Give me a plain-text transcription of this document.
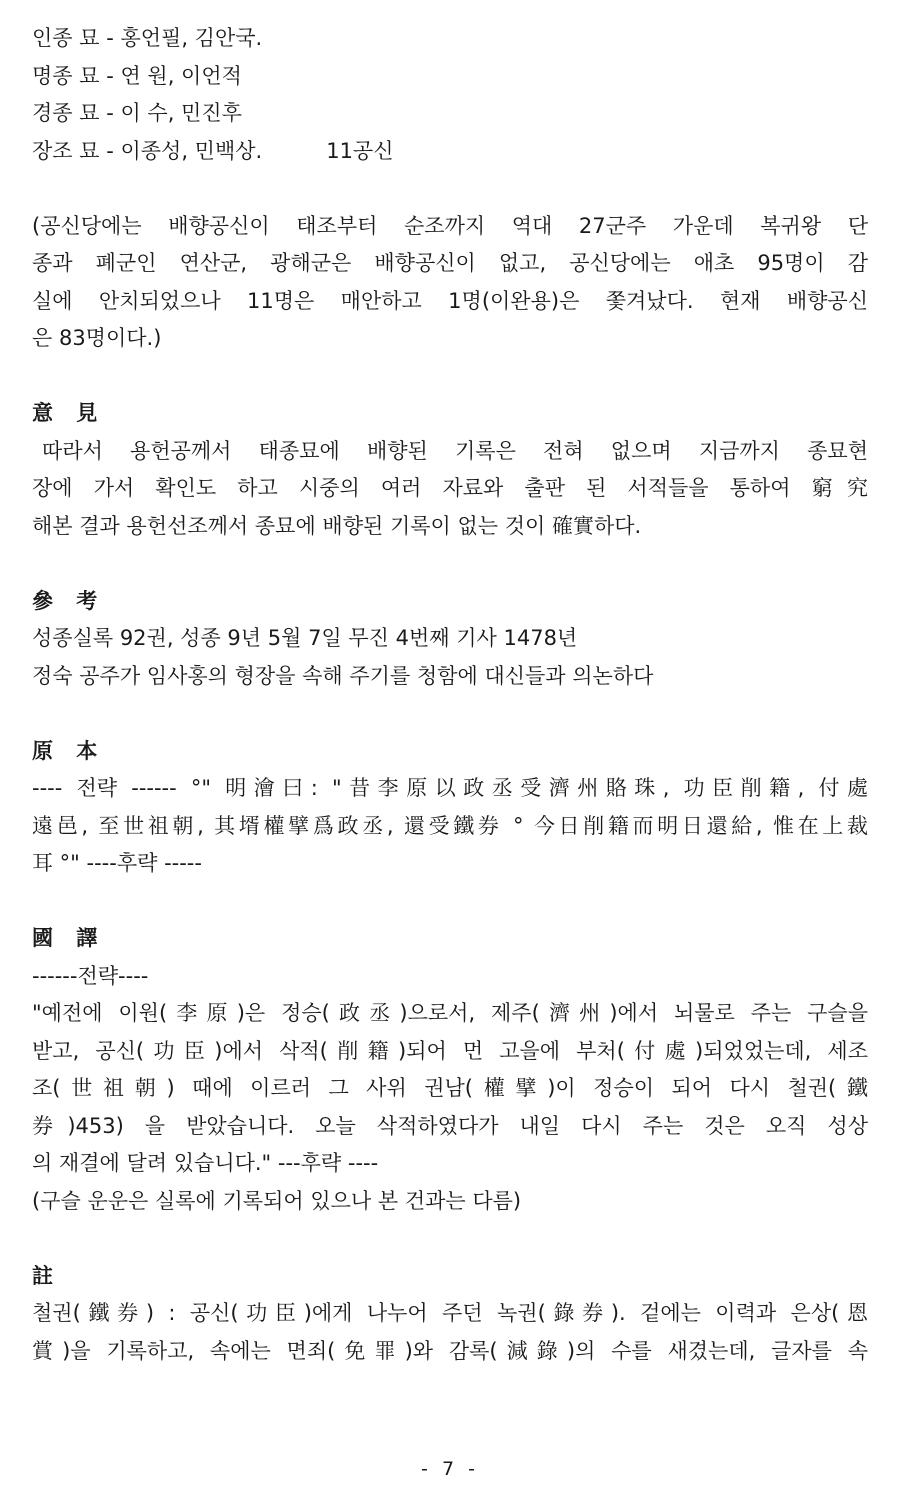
인종 묘 - 홍언필, 김안국.
명종 묘 - 연 원, 이언적
경종 묘 - 이 수, 민진후
장조 묘 - 이종성, 민백상.	11공신
(공신당에는 배향공신이 태조부터 순조까지 역대 27군주 가운데 복귀왕 단
종과 폐군인 연산군, 광해군은 배향공신이 없고, 공신당에는 애초 95명이 감
실에 안치되었으나 11명은 매안하고 1명(이완용)은 쫓겨났다. 현재 배향공신
은 83명이다.)
意 見
따라서 용헌공께서 태종묘에 배향된 기록은 전혀 없으며 지금까지 종묘현
장에 가서 확인도 하고 시중의 여러 자료와 출판 된 서적들을 통하여 窮究
해본 결과 용헌선조께서 종묘에 배향된 기록이 없는 것이 確實하다.
參 考
성종실록 92권, 성종 9년 5월 7일 무진 4번째 기사 1478년
정숙 공주가 임사홍의 형장을 속해 주기를 청함에 대신들과 의논하다
原 本
---- 전략 ------ °" 明澮曰: "昔李原以政丞受濟州賂珠, 功臣削籍, 付處
遠邑, 至世祖朝, 其壻權擘爲政丞, 還受鐵券 ° 今日削籍而明日還給, 惟在上裁
耳 °" ----후략 -----
國 譯
------전략----
"예전에 이원(李原)은 정승(政丞)으로서, 제주(濟州)에서 뇌물로 주는 구슬을
받고, 공신(功臣)에서 삭적(削籍)되어 먼 고을에 부처(付處)되었었는데, 세조
조(世祖朝) 때에 이르러 그 사위 권남(權擘)이 정승이 되어 다시 철권(鐵
券)453) 을 받았습니다. 오늘 삭적하였다가 내일 다시 주는 것은 오직 성상
의 재결에 달려 있습니다." ---후략 ----
(구슬 운운은 실록에 기록되어 있으나 본 건과는 다름)
註
철권(鐵券) : 공신(功臣)에게 나누어 주던 녹권(錄券). 겉에는 이력과 은상(恩
賞)을 기록하고, 속에는 면죄(免罪)와 감록(減錄)의 수를 새겼는데, 글자를 속
- 7 -
